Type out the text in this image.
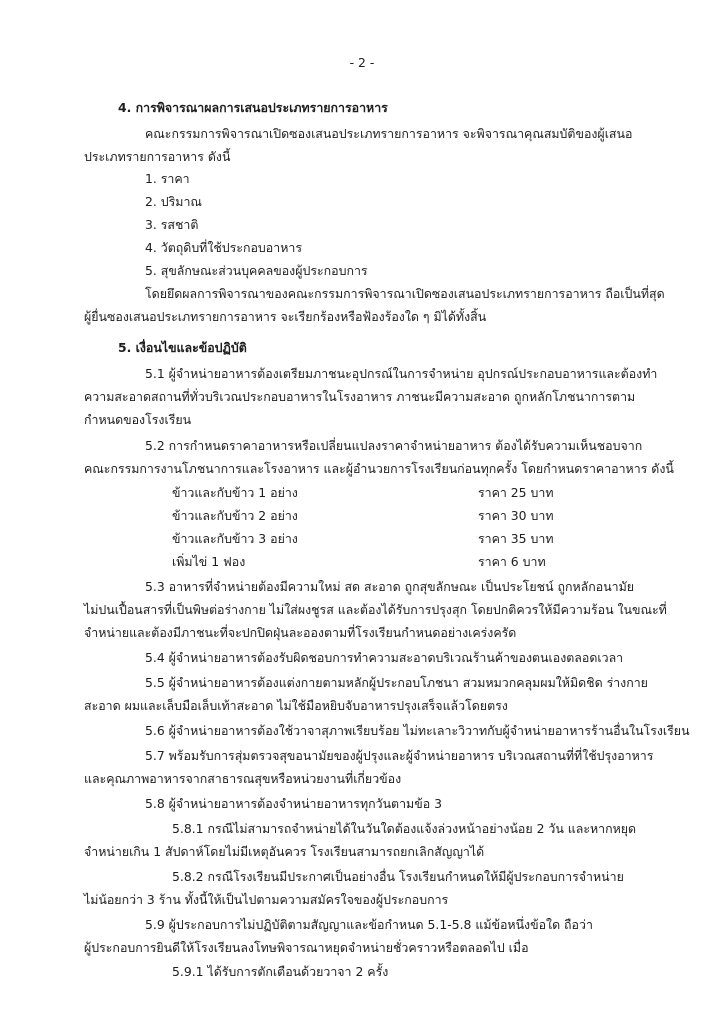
- 2 -
4. การพิจารณาผลการเสนอประเภทรายการอาหาร
คณะกรรมการพิจารณาเปิดซองเสนอประเภทรายการอาหาร จะพิจารณาคุณสมบัติของผู้เสนอ
ประเภทรายการอาหาร ดังนี้
1. ราคา
2. ปริมาณ
3. รสชาติ
4. วัตถุดิบที่ใช้ประกอบอาหาร
5. สุขลักษณะส่วนบุคคลของผู้ประกอบการ
โดยยึดผลการพิจารณาของคณะกรรมการพิจารณาเปิดซองเสนอประเภทรายการอาหาร ถือเป็นที่สุด
ผู้ยื่นซองเสนอประเภทรายการอาหาร จะเรียกร้องหรือฟ้องร้องใด ๆ มิได้ทั้งสิ้น
5. เงื่อนไขและข้อปฏิบัติ
5.1 ผู้จำหน่ายอาหารต้องเตรียมภาชนะอุปกรณ์ในการจำหน่าย อุปกรณ์ประกอบอาหารและต้องทำ
ความสะอาดสถานที่ทั่วบริเวณประกอบอาหารในโรงอาหาร ภาชนะมีความสะอาด ถูกหลักโภชนาการตาม
กำหนดของโรงเรียน
5.2 การกำหนดราคาอาหารหรือเปลี่ยนแปลงราคาจำหน่ายอาหาร ต้องได้รับความเห็นชอบจาก
คณะกรรมการงานโภชนาการและโรงอาหาร และผู้อำนวยการโรงเรียนก่อนทุกครั้ง โดยกำหนดราคาอาหาร ดังนี้
ข้าวและกับข้าว 1 อย่าง	ราคา 25 บาท
ข้าวและกับข้าว 2 อย่าง	ราคา 30 บาท
ข้าวและกับข้าว 3 อย่าง	ราคา 35 บาท
เพิ่มไข่ 1 ฟอง	ราคา 6 บาท
5.3 อาหารที่จำหน่ายต้องมีความใหม่ สด สะอาด ถูกสุขลักษณะ เป็นประโยชน์ ถูกหลักอนามัย
ไม่ปนเปื้อนสารที่เป็นพิษต่อร่างกาย ไม่ใส่ผงชูรส และต้องได้รับการปรุงสุก โดยปกติควรให้มีความร้อน ในขณะที่
จำหน่ายและต้องมีภาชนะที่จะปกปิดฝุ่นละอองตามที่โรงเรียนกำหนดอย่างเคร่งครัด
5.4 ผู้จำหน่ายอาหารต้องรับผิดชอบการทำความสะอาดบริเวณร้านค้าของตนเองตลอดเวลา
5.5 ผู้จำหน่ายอาหารต้องแต่งกายตามหลักผู้ประกอบโภชนา สวมหมวกคลุมผมให้มิดชิด ร่างกาย
สะอาด ผมและเล็บมือเล็บเท้าสะอาด ไม่ใช้มือหยิบจับอาหารปรุงเสร็จแล้วโดยตรง
5.6 ผู้จำหน่ายอาหารต้องใช้วาจาสุภาพเรียบร้อย ไม่ทะเลาะวิวาทกับผู้จำหน่ายอาหารร้านอื่นในโรงเรียน
5.7 พร้อมรับการสุ่มตรวจสุขอนามัยของผู้ปรุงและผู้จำหน่ายอาหาร บริเวณสถานที่ที่ใช้ปรุงอาหาร
และคุณภาพอาหารจากสาธารณสุขหรือหน่วยงานที่เกี่ยวข้อง
5.8 ผู้จำหน่ายอาหารต้องจำหน่ายอาหารทุกวันตามข้อ 3
5.8.1 กรณีไม่สามารถจำหน่ายได้ในวันใดต้องแจ้งล่วงหน้าอย่างน้อย 2 วัน และหากหยุด
จำหน่ายเกิน 1 สัปดาห์โดยไม่มีเหตุอันควร โรงเรียนสามารถยกเลิกสัญญาได้
5.8.2 กรณีโรงเรียนมีประกาศเป็นอย่างอื่น โรงเรียนกำหนดให้มีผู้ประกอบการจำหน่าย
ไม่น้อยกว่า 3 ร้าน ทั้งนี้ให้เป็นไปตามความสมัครใจของผู้ประกอบการ
5.9 ผู้ประกอบการไม่ปฏิบัติตามสัญญาและข้อกำหนด 5.1-5.8 แม้ข้อหนึ่งข้อใด ถือว่า
ผู้ประกอบการยินดีให้โรงเรียนลงโทษพิจารณาหยุดจำหน่ายชั่วคราวหรือตลอดไป เมื่อ
5.9.1 ได้รับการตักเตือนด้วยวาจา 2 ครั้ง
